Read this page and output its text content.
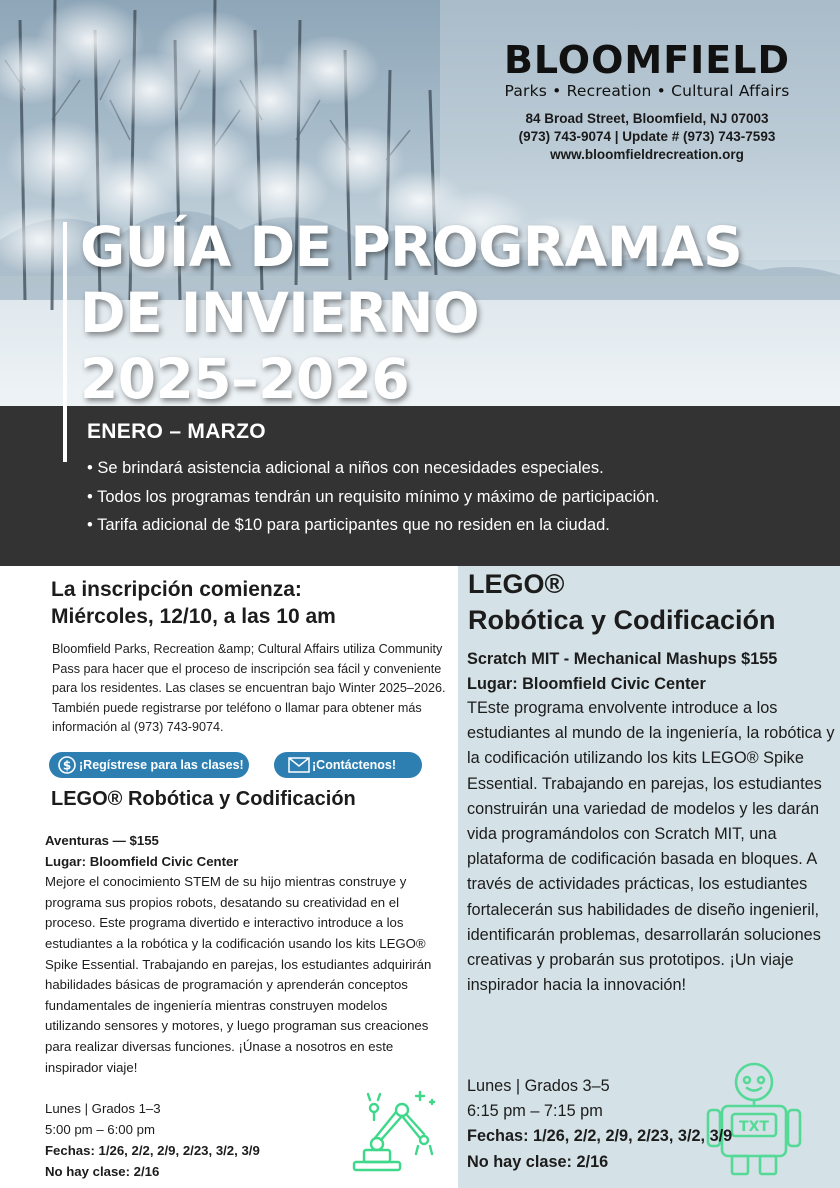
BLOOMFIELD
Parks • Recreation • Cultural Affairs
84 Broad Street, Bloomfield, NJ 07003
(973) 743-9074 | Update # (973) 743-7593
www.bloomfieldrecreation.org
GUÍA DE PROGRAMAS
DE INVIERNO
2025–2026
ENERO – MARZO
• Se brindará asistencia adicional a niños con necesidades especiales.
• Todos los programas tendrán un requisito mínimo y máximo de participación.
• Tarifa adicional de $10 para participantes que no residen en la ciudad.
La inscripción comienza:
Miércoles, 12/10, a las 10 am

Bloomfield Parks, Recreation &amp; Cultural Affairs utiliza Community Pass para hacer que el proceso de inscripción sea fácil y conveniente para los residentes. Las clases se encuentran bajo Winter 2025–2026. También puede registrarse por teléfono o llamar para obtener más información al (973) 743-9074.

$ ¡Regístrese para las clases!	¡Contáctenos!
LEGO® Robótica y Codificación
Aventuras — $155
Lugar: Bloomfield Civic Center
Mejore el conocimiento STEM de su hijo mientras construye y programa sus propios robots, desatando su creatividad en el proceso. Este programa divertido e interactivo introduce a los estudiantes a la robótica y la codificación usando los kits LEGO® Spike Essential. Trabajando en parejas, los estudiantes adquirirán habilidades básicas de programación y aprenderán conceptos fundamentales de ingeniería mientras construyen modelos utilizando sensores y motores, y luego programan sus creaciones para realizar diversas funciones. ¡Únase a nosotros en este inspirador viaje!
Lunes | Grados 1–3
5:00 pm – 6:00 pm
Fechas: 1/26, 2/2, 2/9, 2/23, 3/2, 3/9
No hay clase: 2/16
LEGO®
Robótica y Codificación
Scratch MIT - Mechanical Mashups $155
Lugar: Bloomfield Civic Center

TEste programa envolvente introduce a los estudiantes al mundo de la ingeniería, la robótica y la codificación utilizando los kits LEGO® Spike Essential. Trabajando en parejas, los estudiantes construirán una variedad de modelos y les darán vida programándolos con Scratch MIT, una plataforma de codificación basada en bloques. A través de actividades prácticas, los estudiantes fortalecerán sus habilidades de diseño ingenieril, identificarán problemas, desarrollarán soluciones creativas y probarán sus prototipos. ¡Un viaje inspirador hacia la innovación!

TXT
Lunes | Grados 3–5
6:15 pm – 7:15 pm
Fechas: 1/26, 2/2, 2/9, 2/23, 3/2, 3/9
No hay clase: 2/16
